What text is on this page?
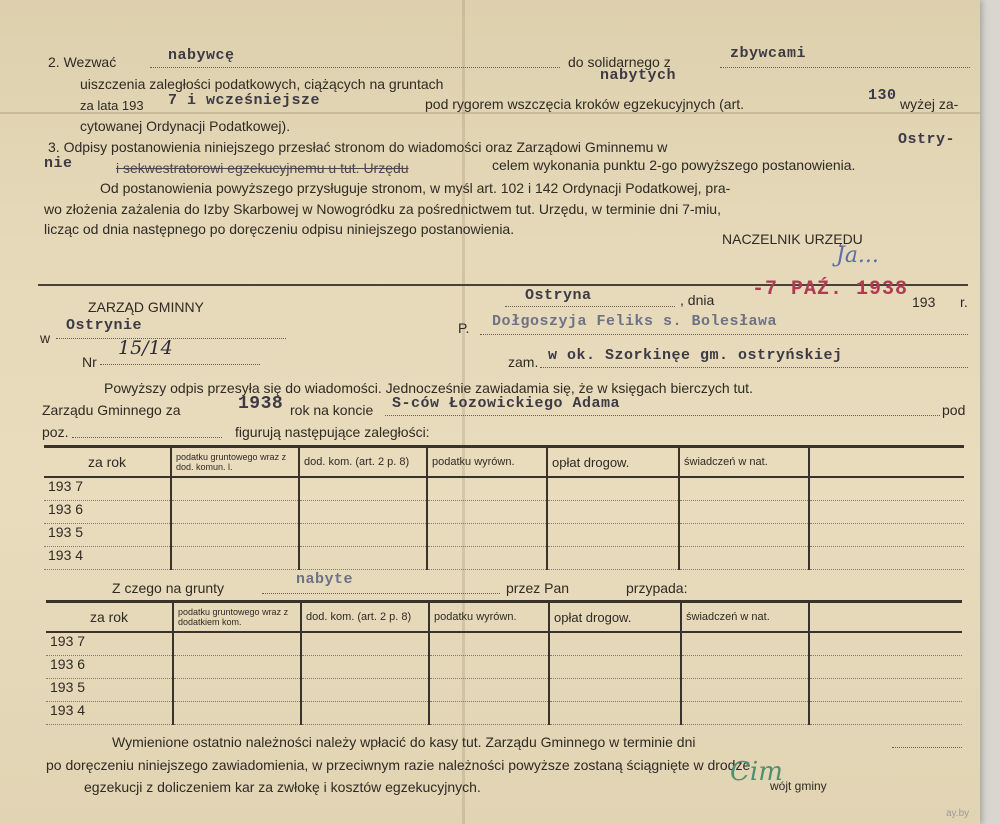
2. Wezwać	nabywcę	do solidarnego z	zbywcami
uiszczenia zaległości podatkowych, ciążących na gruntach	nabytych
za lata 193 7 i wcześniejsze	pod rygorem wszczęcia kroków egzekucyjnych (art.	130 wyżej za-
cytowanej Ordynacji Podatkowej).
3. Odpisy postanowienia niniejszego przesłać stronom do wiadomości oraz Zarządowi Gminnemu w	Ostry-
nie	i sekwestratorowi egzekucyjnemu u tut. Urzędu	celem wykonania punktu 2-go powyższego postanowienia.
Od postanowienia powyższego przysługuje stronom, w myśl art. 102 i 142 Ordynacji Podatkowej, pra-
wo złożenia zażalenia do Izby Skarbowej w Nowogródku za pośrednictwem tut. Urzędu, w terminie dni 7-miu,
licząc od dnia następnego po doręczeniu odpisu niniejszego postanowienia.
NACZELNIK URZĘDU
Ja...
ZARZĄD GMINNY
w
Ostrynie
Nr
15/14
Ostryna	, dnia -7 PAŹ. 1938
193 r.
P. Dołgoszyja Feliks s. Bolesława
zam. w ok. Szorkinęe gm. ostryńskiej
Powyższy odpis przesyła się do wiadomości. Jednocześnie zawiadamia się, że w księgach bierczych tut.
Zarządu Gminnego za	1938 rok na koncie S-ców Łozowickiego Adama	pod
poz.	figurują następujące zaległości:
za rok	podatku gruntowego wraz z dod. komun. l.	dod. kom. (art. 2 p. 8)	podatku wyrówn.	opłat drogow.	świadczeń w nat.	
193 7						
193 6						
193 5						
193 4						
Z czego na grunty	nabyte	przez Pan	przypada:
za rok	podatku gruntowego wraz z dodatkiem kom.	dod. kom. (art. 2 p. 8)	podatku wyrówn.	opłat drogow.	świadczeń w nat.	
193 7						
193 6						
193 5						
193 4						
Wymienione ostatnio należności należy wpłacić do kasy tut. Zarządu Gminnego w terminie dni
po doręczeniu niniejszego zawiadomienia, w przeciwnym razie należności powyższe zostaną ściągnięte w drodze
egzekucji z doliczeniem kar za zwłokę i kosztów egzekucyjnych.	wójt gminy
Cim
ay.by
